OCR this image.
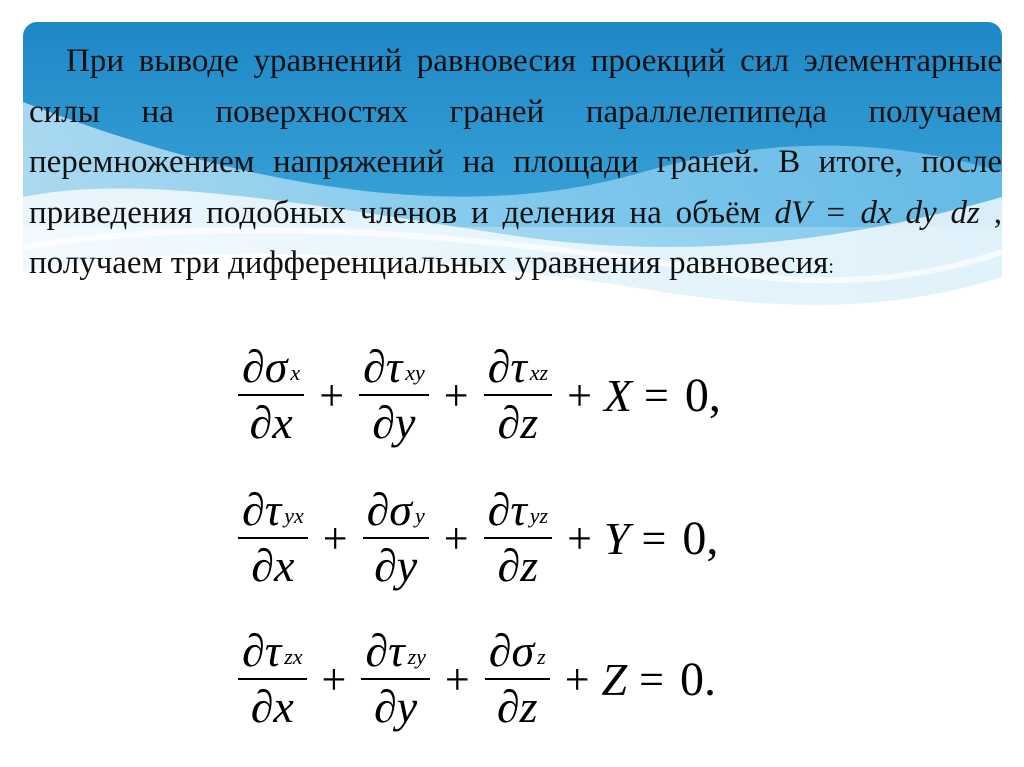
При выводе уравнений равновесия проекций сил элементарные силы на поверхностях граней параллелепипеда получаем перемножением напряжений на площади граней. В итоге, после приведения подобных членов и деления на объём dV = dx dy dz , получаем три дифференциальных уравнения равновесия:

$\frac{\text{∂ σ x}}{\partial x} + \frac{\text{∂ τ xy}}{\partial y} + \frac{\text{∂ τ xz}}{\partial z} + X = 0$,
$\frac{\text{∂ τ yx}}{\partial x} + \frac{\text{∂ σ y}}{\partial y} + \frac{\text{∂ τ yz}}{\partial z} + Y = 0$,
$\frac{\text{∂ τ zx}}{\partial x} + \frac{\text{∂ τ zy}}{\partial y} + \frac{\text{∂ σ z}}{\partial z} + Z = 0$.
